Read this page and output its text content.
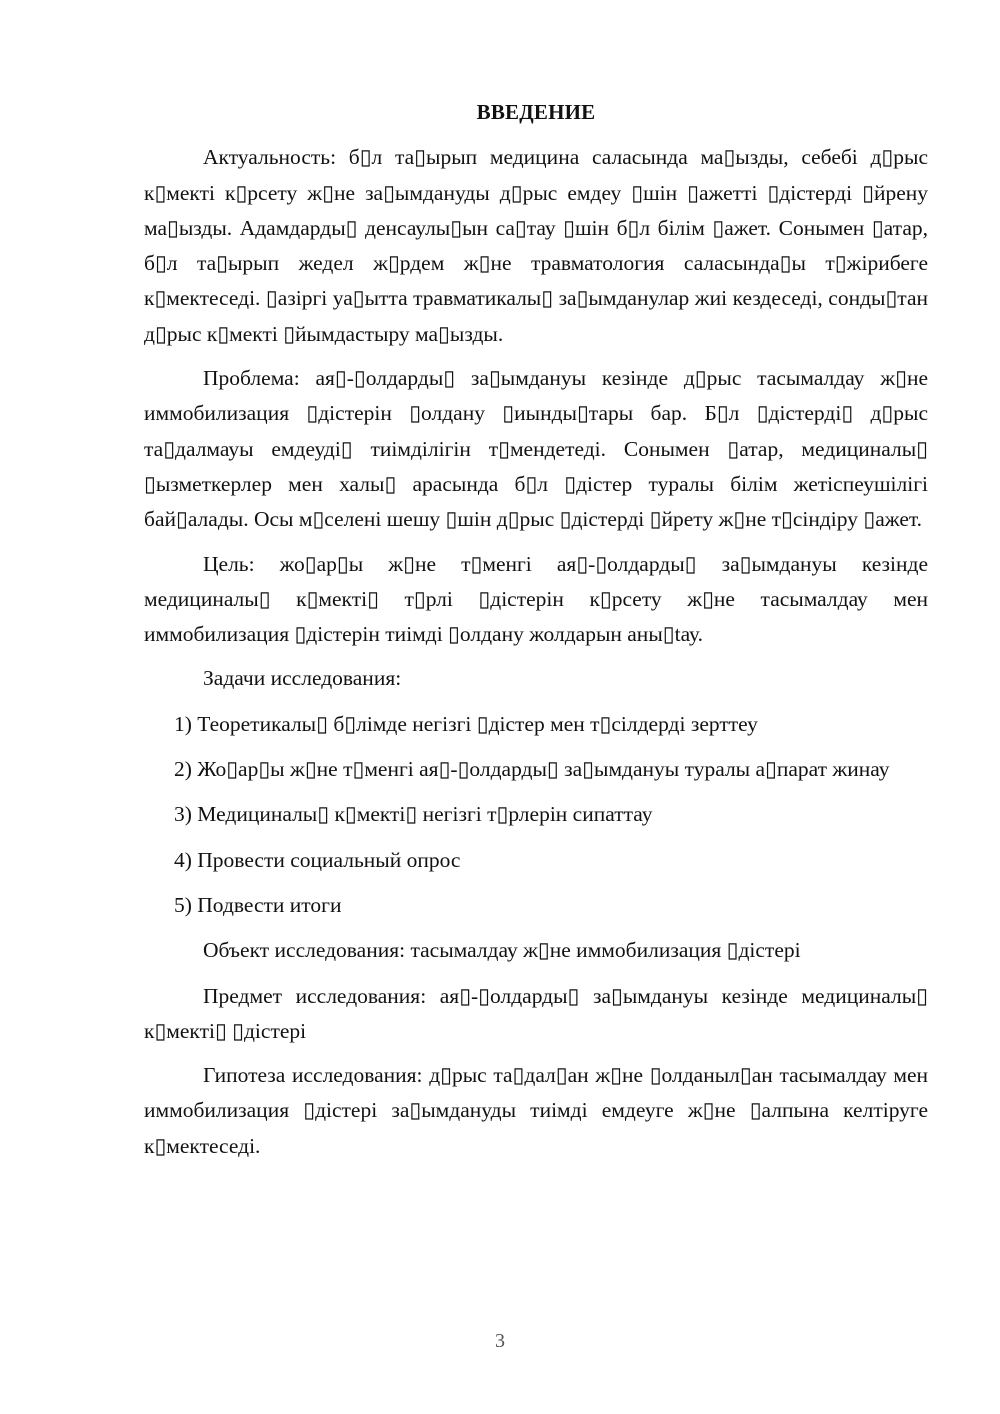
ВВЕДЕНИЕ

Актуальность: б▯л та▯ырып медицина саласында ма▯ызды, себебі д▯рыс к▯мекті к▯рсету ж▯не за▯ымдануды д▯рыс емдеу ▯шін ▯ажетті ▯дістерді ▯йрену ма▯ызды. Адамдарды▯ денсаулы▯ын са▯тау ▯шін б▯л білім ▯ажет. Сонымен ▯атар, б▯л та▯ырып жедел ж▯рдем ж▯не травматология саласында▯ы т▯жірибеге к▯мектеседі. ▯азіргі уа▯ытта травматикалы▯ за▯ымданулар жиі кездеседі, сонды▯тан д▯рыс к▯мекті ▯йымдастыру ма▯ызды.

Проблема: ая▯-▯олдарды▯ за▯ымдануы кезінде д▯рыс тасымалдау ж▯не иммобилизация ▯дістерін ▯олдану ▯иынды▯тары бар. Б▯л ▯дістерді▯ д▯рыс та▯далмауы емдеуді▯ тиімділігін т▯мендетеді. Сонымен ▯атар, медициналы▯ ▯ызметкерлер мен халы▯ арасында б▯л ▯дістер туралы білім жетіспеушілігі бай▯алады. Осы м▯селені шешу ▯шін д▯рыс ▯дістерді ▯йрету ж▯не т▯сіндіру ▯ажет.

Цель: жо▯ар▯ы ж▯не т▯менгі ая▯-▯олдарды▯ за▯ымдануы кезінде медициналы▯ к▯мекті▯ т▯рлі ▯дістерін к▯рсету ж▯не тасымалдау мен иммобилизация ▯дістерін тиімді ▯олдану жолдарын аны▯tау.

Задачи исследования:

1) Теоретикалы▯ б▯лімде негізгі ▯дістер мен т▯сілдерді зерттеу

2) Жо▯ар▯ы ж▯не т▯менгі ая▯-▯олдарды▯ за▯ымдануы туралы а▯парат жинау

3) Медициналы▯ к▯мекті▯ негізгі т▯рлерін сипаттау

4) Провести социальный опрос

5) Подвести итоги

Объект исследования: тасымалдау ж▯не иммобилизация ▯дістері

Предмет исследования: ая▯-▯олдарды▯ за▯ымдануы кезінде медициналы▯ к▯мекті▯ ▯дістері

Гипотеза исследования: д▯рыс та▯дал▯ан ж▯не ▯олданыл▯ан тасымалдау мен иммобилизация ▯дістері за▯ымдануды тиімді емдеуге ж▯не ▯алпына келтіруге к▯мектеседі.

3
